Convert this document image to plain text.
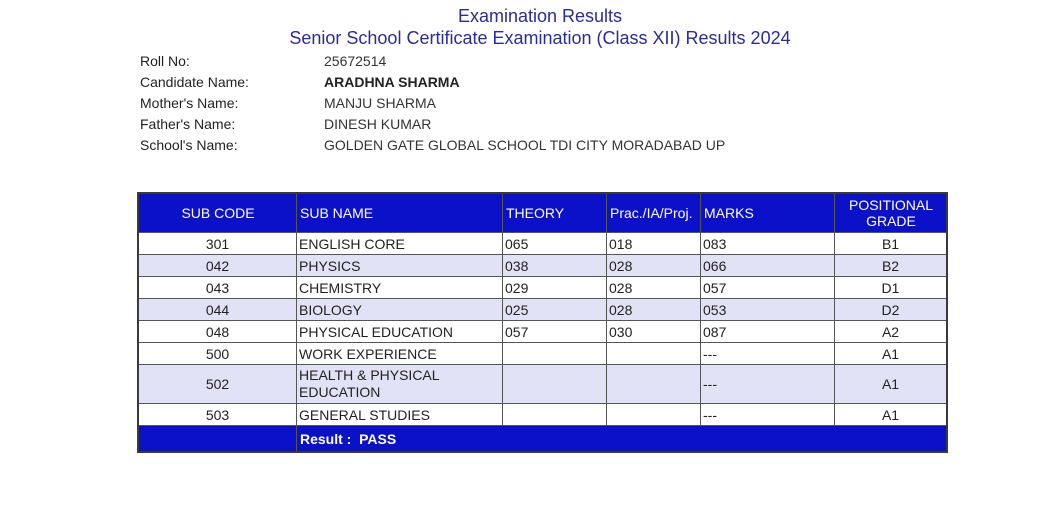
Examination Results
Senior School Certificate Examination (Class XII) Results 2024
Roll No:	25672514
Candidate Name:	ARADHNA SHARMA
Mother's Name:	MANJU SHARMA
Father's Name:	DINESH KUMAR
School's Name:	GOLDEN GATE GLOBAL SCHOOL TDI CITY MORADABAD UP
SUB CODE	SUB NAME	THEORY	Prac./IA/Proj.	MARKS	POSITIONAL
GRADE

301	ENGLISH CORE	065	018	083	B1
042	PHYSICS	038	028	066	B2
043	CHEMISTRY	029	028	057	D1
044	BIOLOGY	025	028	053	D2
048	PHYSICAL EDUCATION	057	030	087	A2
500	WORK EXPERIENCE			---	A1
502	HEALTH & PHYSICAL EDUCATION			---	A1
503	GENERAL STUDIES			---	A1
	Result : PASS				
